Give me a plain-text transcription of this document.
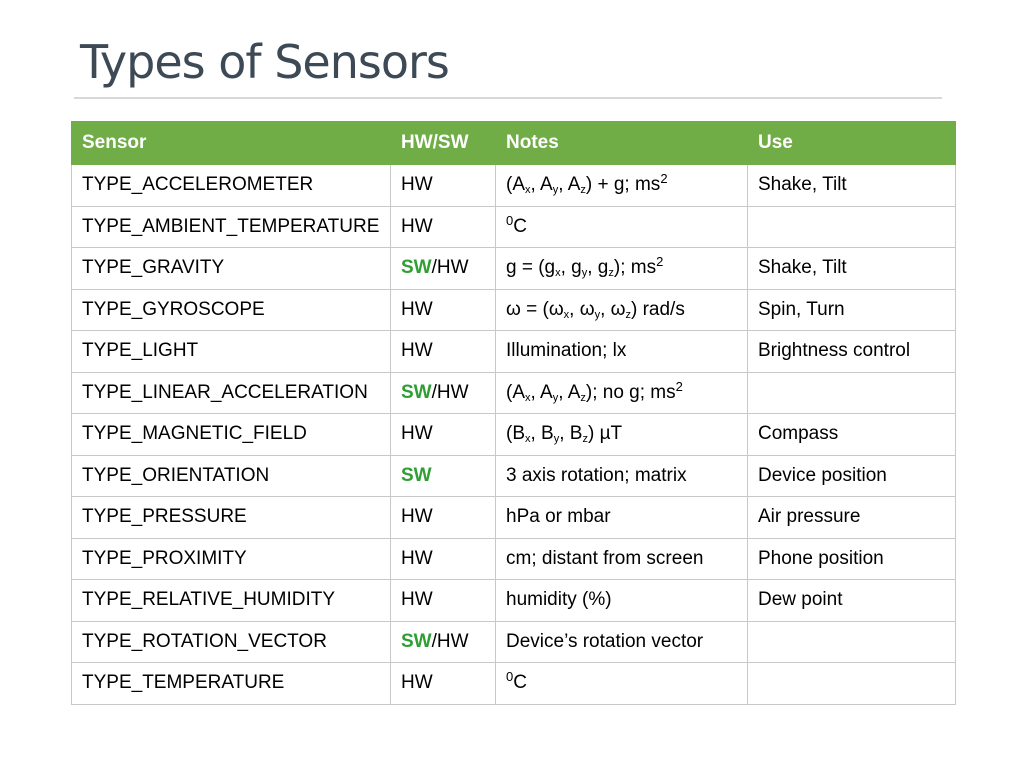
Types of Sensors
Sensor	HW/SW	Notes	Use
TYPE_ACCELEROMETER	HW	($A_x$, $A_y$, $A_z) + g$; $ms^2$	Shake, Tilt
TYPE_AMBIENT_TEMPERATURE	HW	$^0$C	
TYPE_GRAVITY	SW/HW	$g = (g_x$, $g_y$, $g_z$); $ms^2$	Shake, Tilt
TYPE_GYROSCOPE	HW	$\omega = (\omega_x$, $\omega_y$, $\omega_z$) rad/s	Spin, Turn
TYPE_LIGHT	HW	Illumination; lx	Brightness control
TYPE_LINEAR_ACCELERATION	SW/HW	($A_x$, $A_y$, $A_z$); no g; $ms^2$	
TYPE_MAGNETIC_FIELD	HW	($B_x$, $B_y$, $B_z$) µT	Compass
TYPE_ORIENTATION	SW	3 axis rotation; matrix	Device position
TYPE_PRESSURE	HW	hPa or mbar	Air pressure
TYPE_PROXIMITY	HW	cm; distant from screen	Phone position
TYPE_RELATIVE_HUMIDITY	HW	humidity (%)	Dew point
TYPE_ROTATION_VECTOR	SW/HW	Device’s rotation vector	
TYPE_TEMPERATURE	HW	$^0$C	
